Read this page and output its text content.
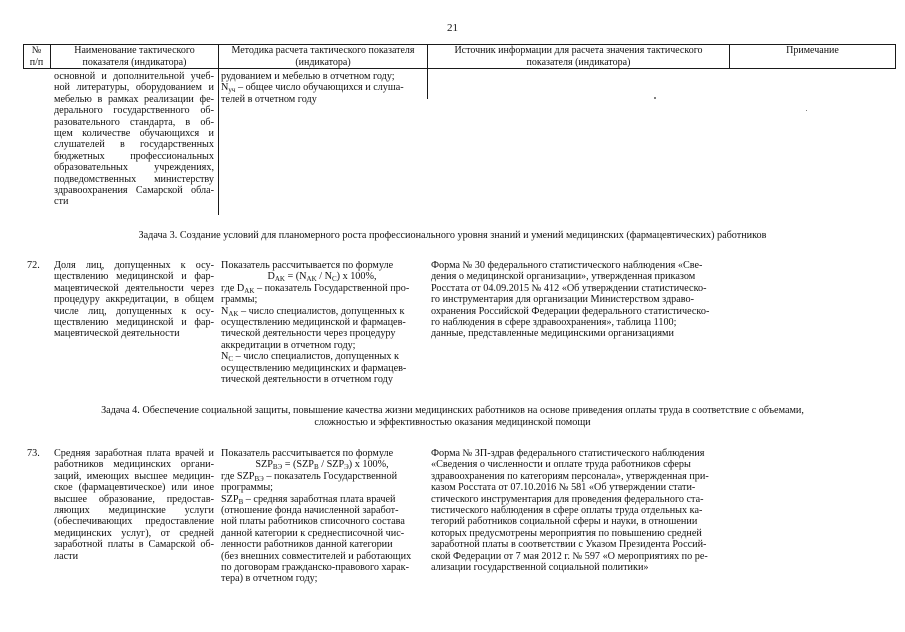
21
№
п/п
Наименование тактического
показателя (индикатора)
Методика расчета тактического показателя
(индикатора)
Источник информации для расчета значения тактического
показателя (индикатора)
Примечание
основной и дополнительной учеб-
ной литературы, оборудованием и
мебелью в рамках реализации фе-
дерального государственного об-
разовательного стандарта, в об-
щем количестве обучающихся и
слушателей в государственных
бюджетных профессиональных
образовательных учреждениях,
подведомственных министерству
здравоохранения Самарской обла-
сти
рудованием и мебелью в отчетном году;
$N_{уч}$ – общее число обучающихся и слуша-
телей в отчетном году
Задача 3. Создание условий для планомерного роста профессионального уровня знаний и умений медицинских (фармацевтических) работников
72. Доля лиц, допущенных к осу-
ществлению медицинской и фар-
мацевтической деятельности через
процедуру аккредитации, в общем
числе лиц, допущенных к осу-
ществлению медицинской и фар-
мацевтической деятельности
Показатель рассчитывается по формуле
$D_{AK} = (N_{AK} / N_C)$ x 100%,
где $D_{AK}$ – показатель Государственной про-
граммы;
$N_{AK}$ – число специалистов, допущенных к
осуществлению медицинской и фармацев-
тической деятельности через процедуру
аккредитации в отчетном году;
$N_C$ – число специалистов, допущенных к
осуществлению медицинских и фармацев-
тической деятельности в отчетном году
Форма № 30 федерального статистического наблюдения «Све-
дения о медицинской организации», утвержденная приказом
Росстата от 04.09.2015 № 412 «Об утверждении статистическо-
го инструментария для организации Министерством здраво-
охранения Российской Федерации федерального статистическо-
го наблюдения в сфере здравоохранения», таблица 1100;
данные, представленные медицинскими организациями
Задача 4. Обеспечение социальной защиты, повышение качества жизни медицинских работников на основе приведения оплаты труда в соответствие с объемами,
сложностью и эффективностью оказания медицинской помощи
73. Средняя заработная плата врачей и
работников медицинских органи-
заций, имеющих высшее медицин-
ское (фармацевтическое) или иное
высшее образование, предостав-
ляющих медицинские услуги
(обеспечивающих предоставление
медицинских услуг), от средней
заработной платы в Самарской об-
ласти
Показатель рассчитывается по формуле
$SZP_{ВЭ} = (SZP_В / SZP_Э)$ x 100%,
где $SZP_{ВЭ}$ – показатель Государственной
программы;
$SZP_В$ – средняя заработная плата врачей
(отношение фонда начисленной заработ-
ной платы работников списочного состава
данной категории к среднесписочной чис-
ленности работников данной категории
(без внешних совместителей и работающих
по договорам гражданско-правового харак-
тера) в отчетном году;
Форма № ЗП-здрав федерального статистического наблюдения
«Сведения о численности и оплате труда работников сферы
здравоохранения по категориям персонала», утвержденная при-
казом Росстата от 07.10.2016 № 581 «Об утверждении стати-
стического инструментария для проведения федерального ста-
тистического наблюдения в сфере оплаты труда отдельных ка-
тегорий работников социальной сферы и науки, в отношении
которых предусмотрены мероприятия по повышению средней
заработной платы в соответствии с Указом Президента Россий-
ской Федерации от 7 мая 2012 г. № 597 «О мероприятиях по ре-
ализации государственной социальной политики»
